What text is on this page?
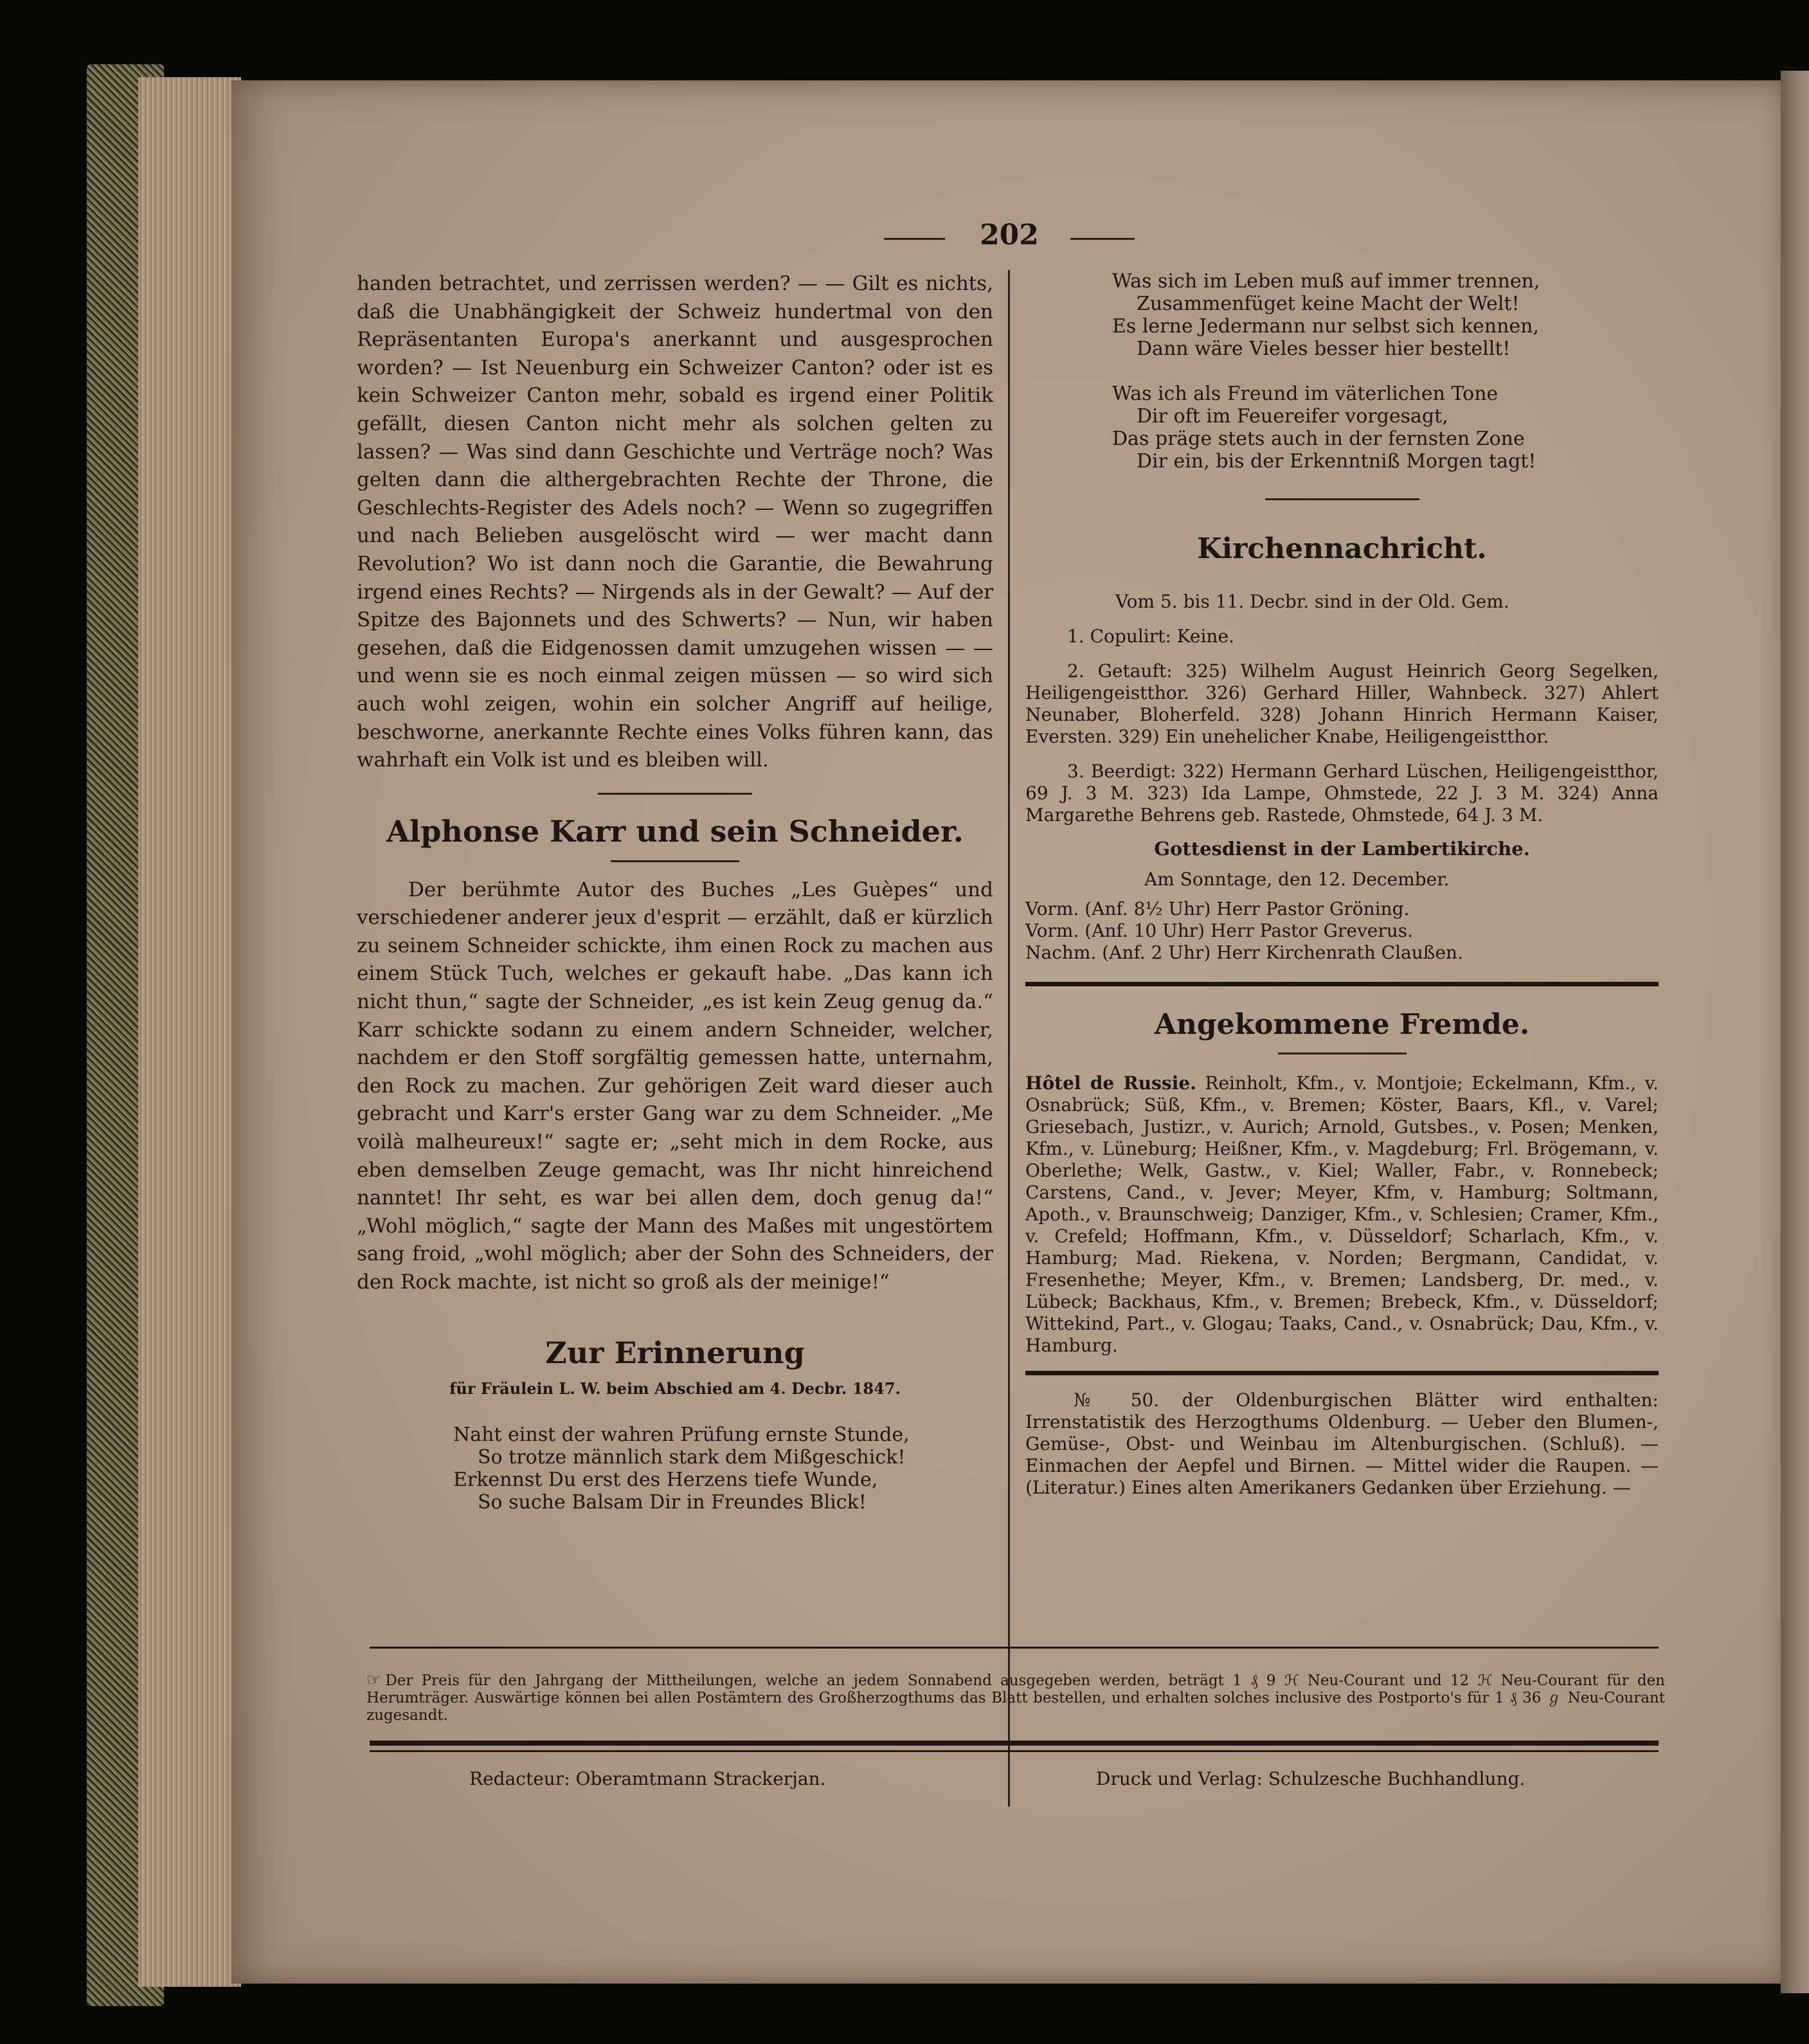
202

handen betrachtet, und zerrissen werden? — — Gilt es nichts, daß die Unabhängigkeit der Schweiz hundertmal von den Repräsentanten Europa's anerkannt und ausgesprochen worden? — Ist Neuenburg ein Schweizer Canton? oder ist es kein Schweizer Canton mehr, sobald es irgend einer Politik gefällt, diesen Canton nicht mehr als solchen gelten zu lassen? — Was sind dann Geschichte und Verträge noch? Was gelten dann die althergebrachten Rechte der Throne, die Geschlechts-Register des Adels noch? — Wenn so zugegriffen und nach Belieben ausgelöscht wird — wer macht dann Revolution? Wo ist dann noch die Garantie, die Bewahrung irgend eines Rechts? — Nirgends als in der Gewalt? — Auf der Spitze des Bajonnets und des Schwerts? — Nun, wir haben gesehen, daß die Eidgenossen damit umzugehen wissen — — und wenn sie es noch einmal zeigen müssen — so wird sich auch wohl zeigen, wohin ein solcher Angriff auf heilige, beschworne, anerkannte Rechte eines Volks führen kann, das wahrhaft ein Volk ist und es bleiben will.

Alphonse Karr und sein Schneider.

Der berühmte Autor des Buches „Les Guèpes“ und verschiedener anderer jeux d'esprit — erzählt, daß er kürzlich zu seinem Schneider schickte, ihm einen Rock zu machen aus einem Stück Tuch, welches er gekauft habe. „Das kann ich nicht thun,“ sagte der Schneider, „es ist kein Zeug genug da.“ Karr schickte sodann zu einem andern Schneider, welcher, nachdem er den Stoff sorgfältig gemessen hatte, unternahm, den Rock zu machen. Zur gehörigen Zeit ward dieser auch gebracht und Karr's erster Gang war zu dem Schneider. „Me voilà malheureux!“ sagte er; „seht mich in dem Rocke, aus eben demselben Zeuge gemacht, was Ihr nicht hinreichend nanntet! Ihr seht, es war bei allen dem, doch genug da!“ „Wohl möglich,“ sagte der Mann des Maßes mit ungestörtem sang froid, „wohl möglich; aber der Sohn des Schneiders, der den Rock machte, ist nicht so groß als der meinige!“

Zur Erinnerung
für Fräulein L. W. beim Abschied am 4. Decbr. 1847.
Naht einst der wahren Prüfung ernste Stunde,
So trotze männlich stark dem Mißgeschick!
Erkennst Du erst des Herzens tiefe Wunde,
So suche Balsam Dir in Freundes Blick!
Was sich im Leben muß auf immer trennen,
Zusammenfüget keine Macht der Welt!
Es lerne Jedermann nur selbst sich kennen,
Dann wäre Vieles besser hier bestellt!
Was ich als Freund im väterlichen Tone
Dir oft im Feuereifer vorgesagt,
Das präge stets auch in der fernsten Zone
Dir ein, bis der Erkenntniß Morgen tagt!
Kirchennachricht.
Vom 5. bis 11. Decbr. sind in der Old. Gem.
1. Copulirt: Keine.

2. Getauft: 325) Wilhelm August Heinrich Georg Segelken, Heiligengeistthor. 326) Gerhard Hiller, Wahnbeck. 327) Ahlert Neunaber, Bloherfeld. 328) Johann Hinrich Hermann Kaiser, Eversten. 329) Ein unehelicher Knabe, Heiligengeistthor.

3. Beerdigt: 322) Hermann Gerhard Lüschen, Heiligengeistthor, 69 J. 3 M. 323) Ida Lampe, Ohmstede, 22 J. 3 M. 324) Anna Margarethe Behrens geb. Rastede, Ohmstede, 64 J. 3 M.

Gottesdienst in der Lambertikirche.
Am Sonntage, den 12. December.
Vorm. (Anf. 8½ Uhr) Herr Pastor Gröning.
Vorm. (Anf. 10 Uhr) Herr Pastor Greverus.
Nachm. (Anf. 2 Uhr) Herr Kirchenrath Claußen.
Angekommene Fremde.

Hôtel de Russie. Reinholt, Kfm., v. Montjoie; Eckelmann, Kfm., v. Osnabrück; Süß, Kfm., v. Bremen; Köster, Baars, Kfl., v. Varel; Griesebach, Justizr., v. Aurich; Arnold, Gutsbes., v. Posen; Menken, Kfm., v. Lüneburg; Heißner, Kfm., v. Magdeburg; Frl. Brögemann, v. Oberlethe; Welk, Gastw., v. Kiel; Waller, Fabr., v. Ronnebeck; Carstens, Cand., v. Jever; Meyer, Kfm, v. Hamburg; Soltmann, Apoth., v. Braunschweig; Danziger, Kfm., v. Schlesien; Cramer, Kfm., v. Crefeld; Hoffmann, Kfm., v. Düsseldorf; Scharlach, Kfm., v. Hamburg; Mad. Riekena, v. Norden; Bergmann, Candidat, v. Fresenhethe; Meyer, Kfm., v. Bremen; Landsberg, Dr. med., v. Lübeck; Backhaus, Kfm., v. Bremen; Brebeck, Kfm., v. Düsseldorf; Wittekind, Part., v. Glogau; Taaks, Cand., v. Osnabrück; Dau, Kfm., v. Hamburg.

№ 50. der Oldenburgischen Blätter wird enthalten: Irrenstatistik des Herzogthums Oldenburg. — Ueber den Blumen-, Gemüse-, Obst- und Weinbau im Altenburgischen. (Schluß). — Einmachen der Aepfel und Birnen. — Mittel wider die Raupen. — (Literatur.) Eines alten Amerikaners Gedanken über Erziehung. —

☞ Der Preis für den Jahrgang der Mittheilungen, welche an jedem Sonnabend ausgegeben werden, beträgt 1 ₰ 9 ℋ Neu-Courant und 12 ℋ Neu-Courant für den Herumträger. Auswärtige können bei allen Postämtern des Großherzogthums das Blatt bestellen, und erhalten solches inclusive des Postporto's für 1 ₰ 36 ℊ Neu-Courant zugesandt.
Redacteur: Oberamtmann Strackerjan.	Druck und Verlag: Schulzesche Buchhandlung.
